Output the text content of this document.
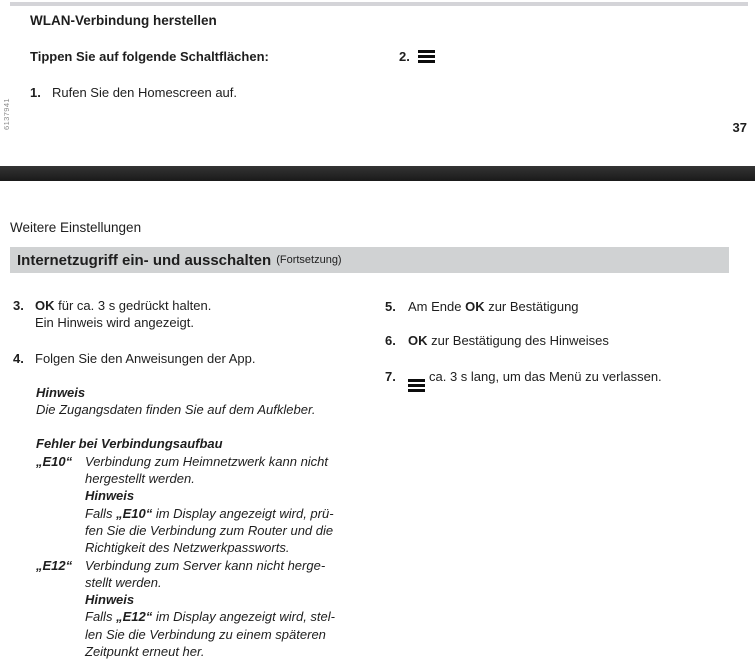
WLAN-Verbindung herstellen
Tippen Sie auf folgende Schaltflächen:	2.
1. Rufen Sie den Homescreen auf.
6137941	37
Weitere Einstellungen
Internetzugriff ein- und ausschalten (Fortsetzung)
3. OK für ca. 3 s gedrückt halten.
Ein Hinweis wird angezeigt.
4. Folgen Sie den Anweisungen der App.
Hinweis
Die Zugangsdaten finden Sie auf dem Aufkleber.
Fehler bei Verbindungsaufbau
„E10“ Verbindung zum Heimnetzwerk kann nicht
hergestellt werden.
Hinweis
Falls „E10“ im Display angezeigt wird, prü-
fen Sie die Verbindung zum Router und die
Richtigkeit des Netzwerkpassworts.
„E12“ Verbindung zum Server kann nicht herge-
stellt werden.
Hinweis
Falls „E12“ im Display angezeigt wird, stel-
len Sie die Verbindung zu einem späteren
Zeitpunkt erneut her.
5. Am Ende OK zur Bestätigung
6. OK zur Bestätigung des Hinweises
7.	ca. 3 s lang, um das Menü zu verlassen.
